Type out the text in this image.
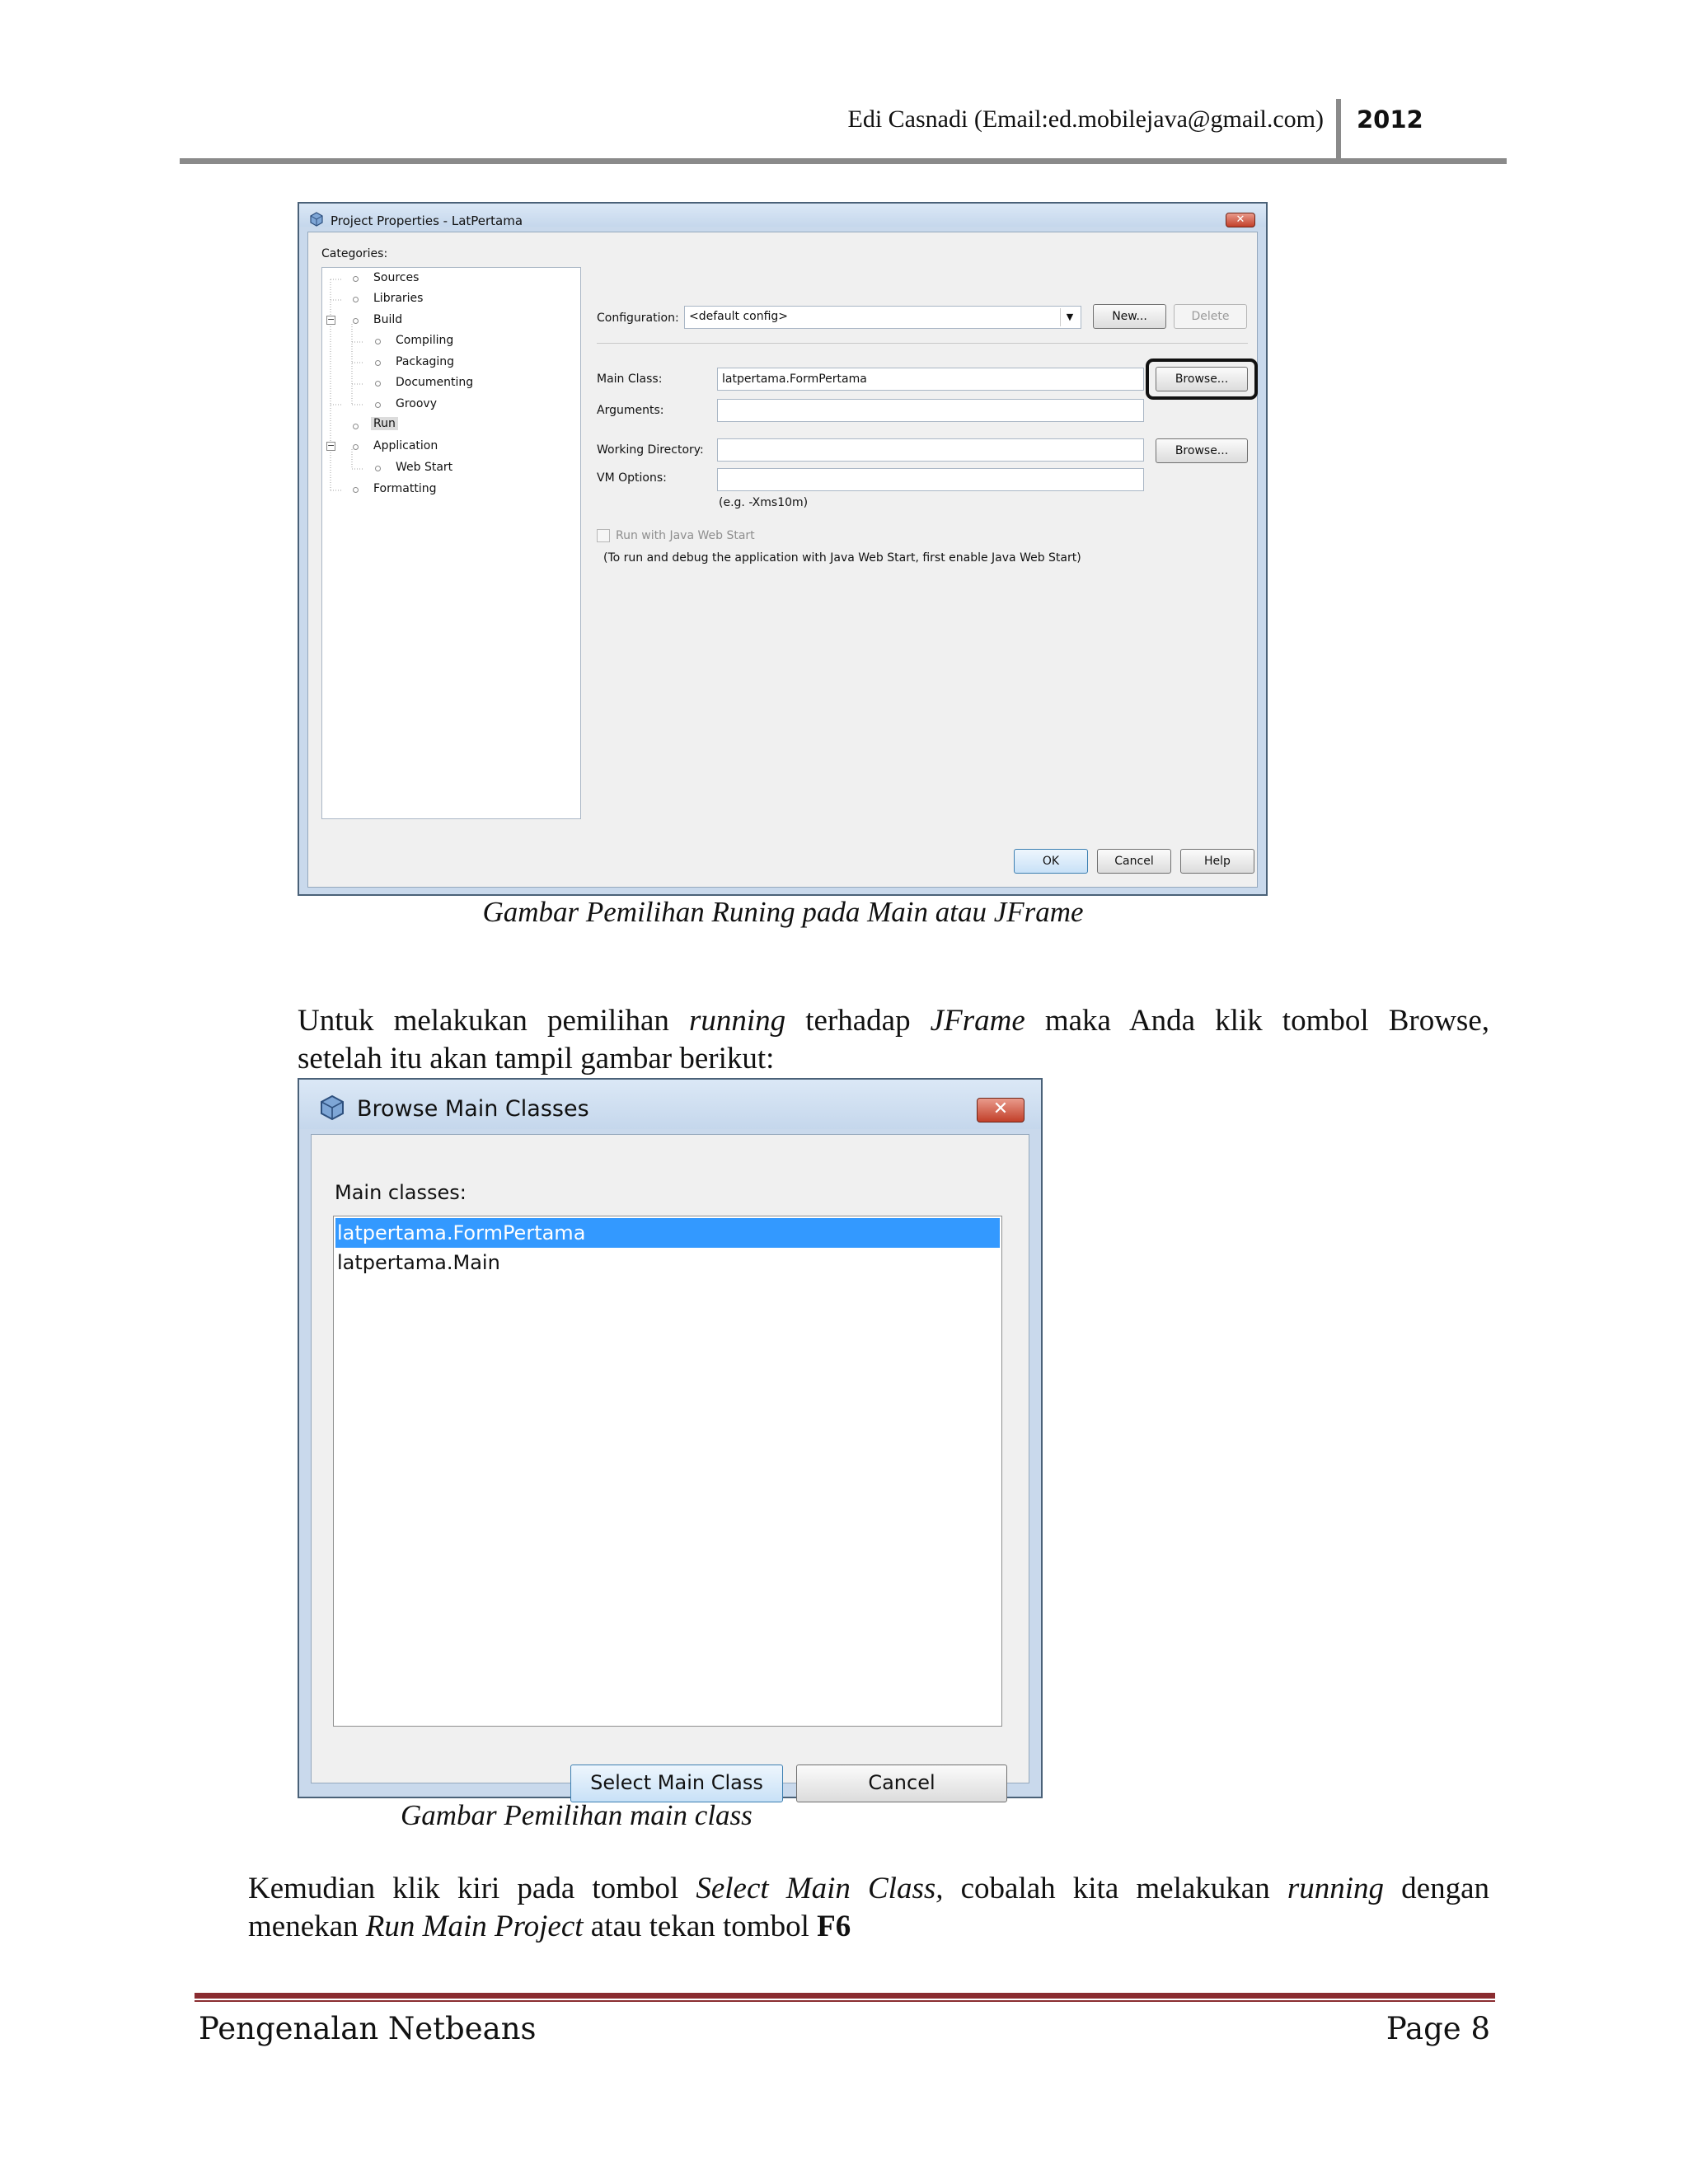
Edi Casnadi (Email:ed.mobilejava@gmail.com) 2012
Project Properties - LatPertama	✕
Categories:
Sources
Libraries
−	Build
Compiling
Packaging
Documenting
Groovy
Run
−	Application
Web Start
Formatting
Configuration: <default config>	▼	New...	Delete
Main Class:	latpertama.FormPertama	Browse...
Arguments:
Working Directory:	Browse...
VM Options:
(e.g. -Xms10m)
Run with Java Web Start
(To run and debug the application with Java Web Start, first enable Java Web Start)
OK	Cancel	Help
Gambar Pemilihan Runing pada Main atau JFrame
Untuk melakukan pemilihan running terhadap JFrame maka Anda klik tombol Browse,
setelah itu akan tampil gambar berikut:
Browse Main Classes	✕
Main classes:
latpertama.FormPertama
latpertama.Main
Select Main Class	Cancel
Gambar Pemilihan main class
Kemudian klik kiri pada tombol Select Main Class, cobalah kita melakukan running dengan
menekan Run Main Project atau tekan tombol F6
Pengenalan Netbeans	Page 8
